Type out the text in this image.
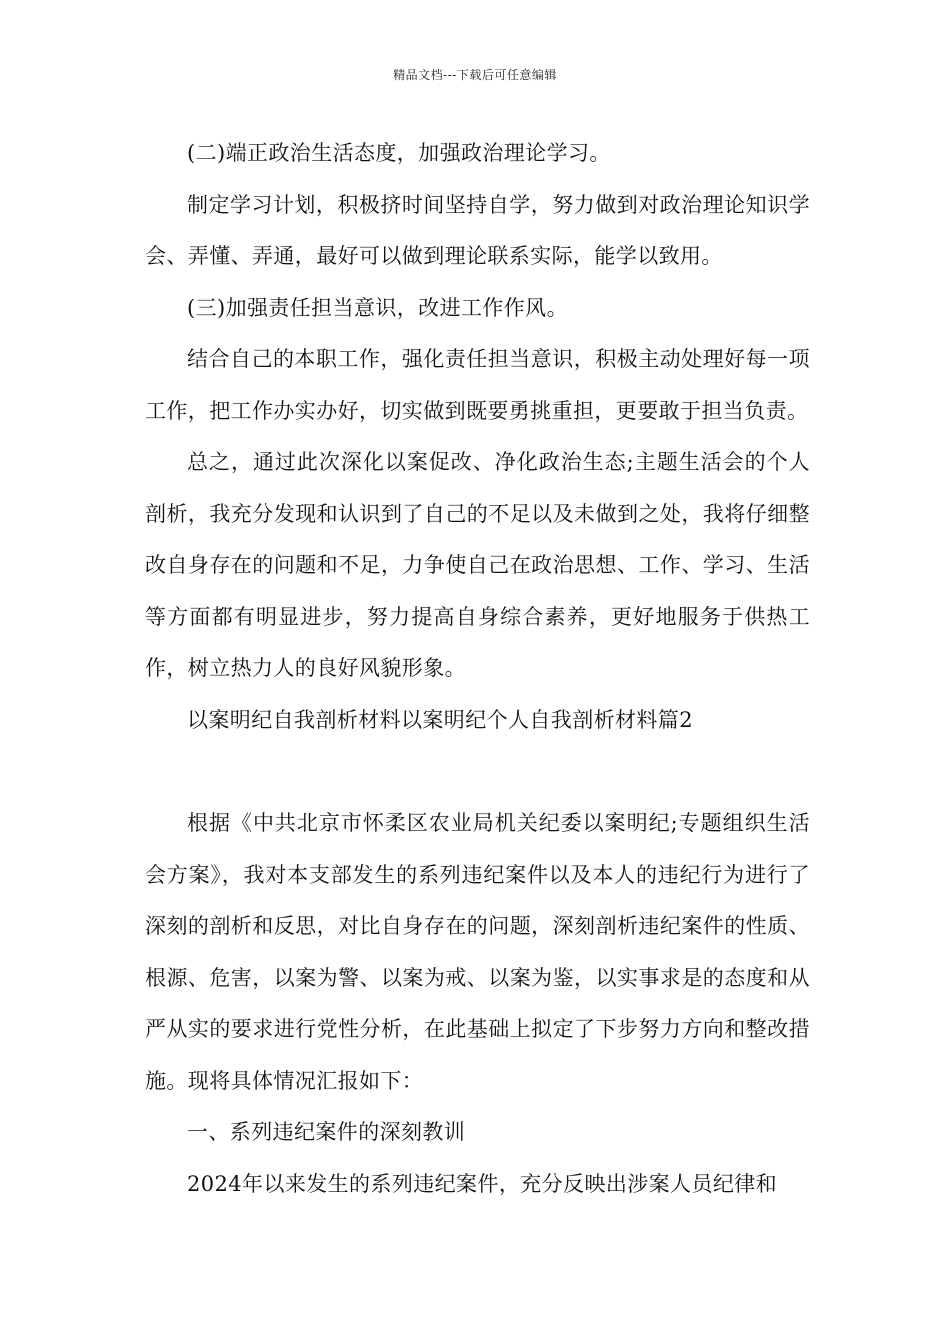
精品文档---下载后可任意编辑

(二)端正政治生活态度，加强政治理论学习。

制定学习计划，积极挤时间坚持自学，努力做到对政治理论知识学会、弄懂、弄通，最好可以做到理论联系实际，能学以致用。

(三)加强责任担当意识，改进工作作风。

结合自己的本职工作，强化责任担当意识，积极主动处理好每一项工作，把工作办实办好，切实做到既要勇挑重担，更要敢于担当负责。

总之，通过此次深化以案促改、净化政治生态;主题生活会的个人剖析，我充分发现和认识到了自己的不足以及未做到之处，我将仔细整改自身存在的问题和不足，力争使自己在政治思想、工作、学习、生活等方面都有明显进步，努力提高自身综合素养，更好地服务于供热工作，树立热力人的良好风貌形象。

以案明纪自我剖析材料以案明纪个人自我剖析材料篇2

根据《中共北京市怀柔区农业局机关纪委以案明纪;专题组织生活会方案》，我对本支部发生的系列违纪案件以及本人的违纪行为进行了深刻的剖析和反思，对比自身存在的问题，深刻剖析违纪案件的性质、根源、危害，以案为警、以案为戒、以案为鉴，以实事求是的态度和从严从实的要求进行党性分析，在此基础上拟定了下步努力方向和整改措施。现将具体情况汇报如下：

一、系列违纪案件的深刻教训

2024年以来发生的系列违纪案件，充分反映出涉案人员纪律和
